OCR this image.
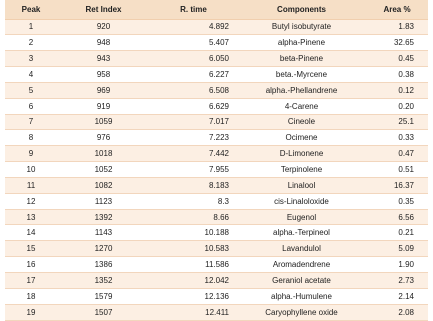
Peak	Ret Index	R. time	Components	Area %
1	920	4.892	Butyl isobutyrate	1.83
2	948	5.407	alpha-Pinene	32.65
3	943	6.050	beta-Pinene	0.45
4	958	6.227	beta.-Myrcene	0.38
5	969	6.508	alpha.-Phellandrene	0.12
6	919	6.629	4-Carene	0.20
7	1059	7.017	Cineole	25.1
8	976	7.223	Ocimene	0.33
9	1018	7.442	D-Limonene	0.47
10	1052	7.955	Terpinolene	0.51
11	1082	8.183	Linalool	16.37
12	1123	8.3	cis-Linaloloxide	0.35
13	1392	8.66	Eugenol	6.56
14	1143	10.188	alpha.-Terpineol	0.21
15	1270	10.583	Lavandulol	5.09
16	1386	11.586	Aromadendrene	1.90
17	1352	12.042	Geraniol acetate	2.73
18	1579	12.136	alpha.-Humulene	2.14
19	1507	12.411	Caryophyllene oxide	2.08
